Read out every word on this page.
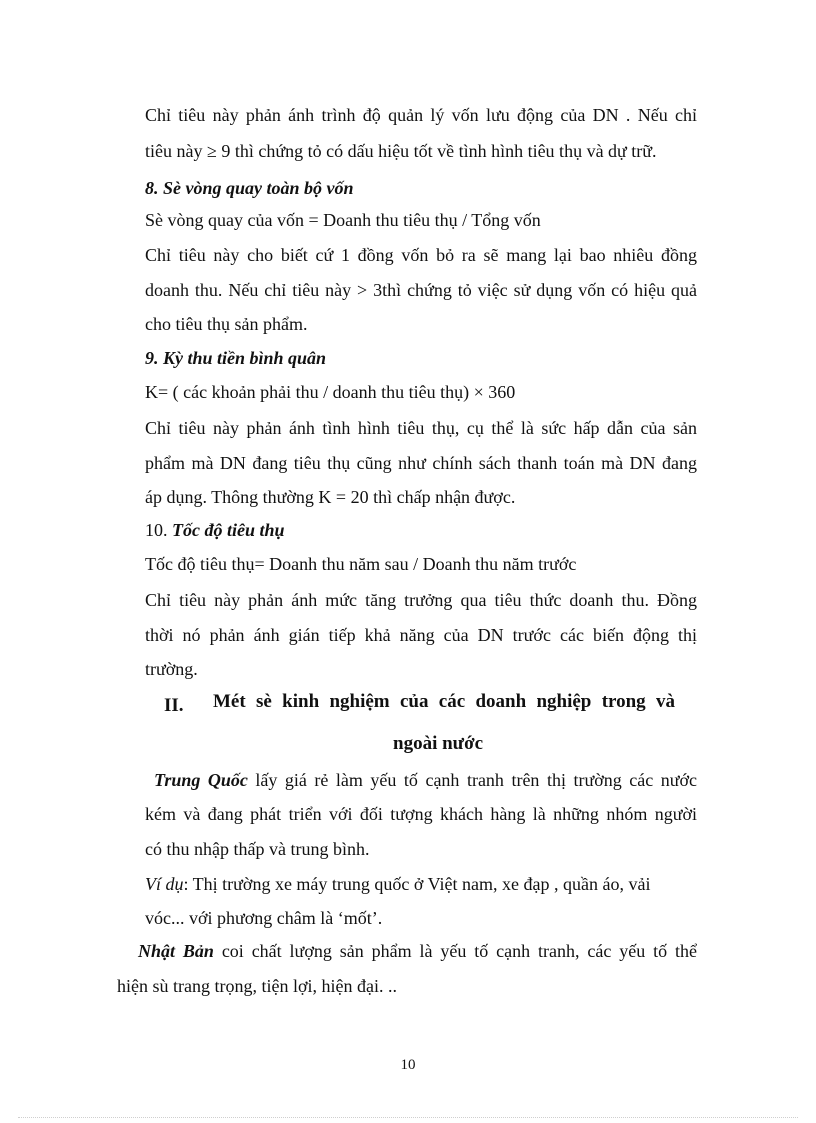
Chỉ tiêu này phản ánh trình độ quản lý vốn lưu động của DN . Nếu chỉ
tiêu này ≥ 9 thì chứng tỏ có dấu hiệu tốt về tình hình tiêu thụ và dự trữ.
8. Sè vòng quay toàn bộ vốn
Sè vòng quay của vốn = Doanh thu tiêu thụ / Tổng vốn
Chỉ tiêu này cho biết cứ 1 đồng vốn bỏ ra sẽ mang lại bao nhiêu đồng
doanh thu. Nếu chỉ tiêu này > 3thì chứng tỏ việc sử dụng vốn có hiệu quả
cho tiêu thụ sản phẩm.
9. Kỳ thu tiền bình quân
K= ( các khoản phải thu / doanh thu tiêu thụ) × 360
Chỉ tiêu này phản ánh tình hình tiêu thụ, cụ thể là sức hấp dẫn của sản
phẩm mà DN đang tiêu thụ cũng như chính sách thanh toán mà DN đang
áp dụng. Thông thường K = 20 thì chấp nhận được.
10. Tốc độ tiêu thụ
Tốc độ tiêu thụ= Doanh thu năm sau / Doanh thu năm trước
Chỉ tiêu này phản ánh mức tăng trưởng qua tiêu thức doanh thu. Đồng
thời nó phản ánh gián tiếp khả năng của DN trước các biến động thị
trường.
II. Mét sè kinh nghiệm của các doanh nghiệp trong và
ngoài nước
Trung Quốc lấy giá rẻ làm yếu tố cạnh tranh trên thị trường các nước
kém và đang phát triển với đối tượng khách hàng là những nhóm người
có thu nhập thấp và trung bình.
Ví dụ: Thị trường xe máy trung quốc ở Việt nam, xe đạp , quần áo, vải
vóc... với phương châm là ‘mốt’.
Nhật Bản coi chất lượng sản phẩm là yếu tố cạnh tranh, các yếu tố thể
hiện sù trang trọng, tiện lợi, hiện đại. ..
10
